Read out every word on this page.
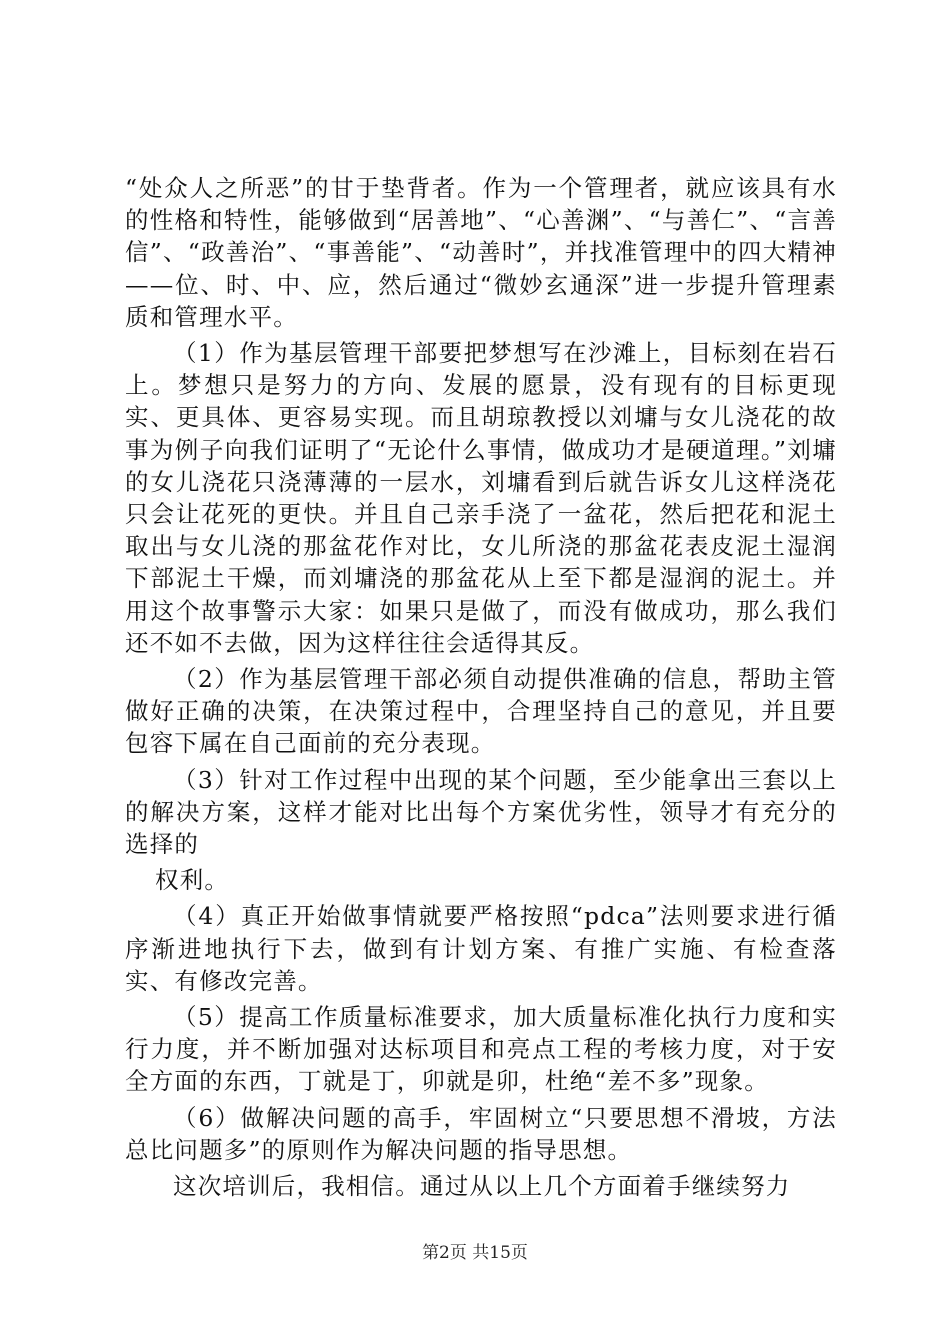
“处众人之所恶”的甘于垫背者。作为一个管理者，就应该具有水的性格和特性，能够做到“居善地”、“心善渊”、“与善仁”、“言善信”、“政善治”、“事善能”、“动善时”，并找准管理中的四大精神——位、时、中、应，然后通过“微妙玄通深”进一步提升管理素质和管理水平。

（1）作为基层管理干部要把梦想写在沙滩上，目标刻在岩石上。梦想只是努力的方向、发展的愿景，没有现有的目标更现实、更具体、更容易实现。而且胡琼教授以刘墉与女儿浇花的故事为例子向我们证明了“无论什么事情，做成功才是硬道理。”刘墉的女儿浇花只浇薄薄的一层水，刘墉看到后就告诉女儿这样浇花只会让花死的更快。并且自己亲手浇了一盆花，然后把花和泥土取出与女儿浇的那盆花作对比，女儿所浇的那盆花表皮泥土湿润下部泥土干燥，而刘墉浇的那盆花从上至下都是湿润的泥土。并用这个故事警示大家：如果只是做了，而没有做成功，那么我们还不如不去做，因为这样往往会适得其反。

（2）作为基层管理干部必须自动提供准确的信息，帮助主管做好正确的决策，在决策过程中，合理坚持自己的意见，并且要包容下属在自己面前的充分表现。

（3）针对工作过程中出现的某个问题，至少能拿出三套以上的解决方案，这样才能对比出每个方案优劣性，领导才有充分的选择的

权利。

（4）真正开始做事情就要严格按照“pdca”法则要求进行循序渐进地执行下去，做到有计划方案、有推广实施、有检查落实、有修改完善。

（5）提高工作质量标准要求，加大质量标准化执行力度和实行力度，并不断加强对达标项目和亮点工程的考核力度，对于安全方面的东西，丁就是丁，卯就是卯，杜绝“差不多”现象。

（6）做解决问题的高手，牢固树立“只要思想不滑坡，方法总比问题多”的原则作为解决问题的指导思想。

这次培训后，我相信。通过从以上几个方面着手继续努力

第2页 共15页
